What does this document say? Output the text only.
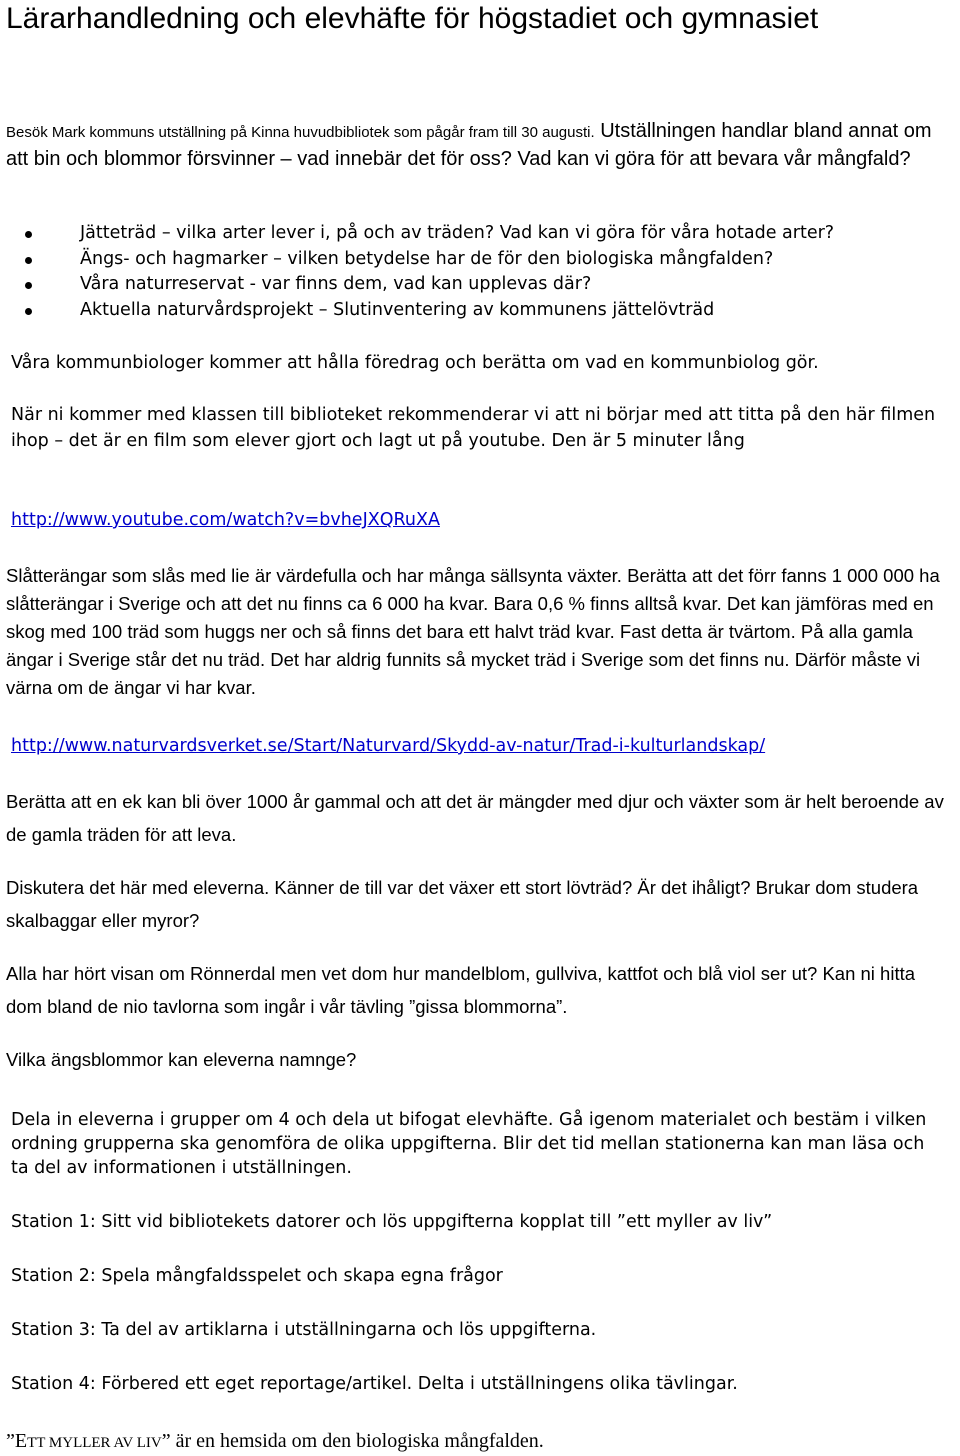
Lärarhandledning och elevhäfte för högstadiet och gymnasiet
Besök Mark kommuns utställning på Kinna huvudbibliotek som pågår fram till 30 augusti. Utställningen handlar bland annat om att bin och blommor försvinner – vad innebär det för oss? Vad kan vi göra för att bevara vår mångfald?
Jätteträd – vilka arter lever i, på och av träden? Vad kan vi göra för våra hotade arter?
Ängs- och hagmarker – vilken betydelse har de för den biologiska mångfalden?
Våra naturreservat - var finns dem, vad kan upplevas där?
Aktuella naturvårdsprojekt – Slutinventering av kommunens jättelövträd
Våra kommunbiologer kommer att hålla föredrag och berätta om vad en kommunbiolog gör.
När ni kommer med klassen till biblioteket rekommenderar vi att ni börjar med att titta på den här filmen ihop – det är en film som elever gjort och lagt ut på youtube. Den är 5 minuter lång
http://www.youtube.com/watch?v=bvheJXQRuXA
Slåtterängar som slås med lie är värdefulla och har många sällsynta växter. Berätta att det förr fanns 1 000 000 ha slåtterängar i Sverige och att det nu finns ca 6 000 ha kvar. Bara 0,6 % finns alltså kvar. Det kan jämföras med en skog med 100 träd som huggs ner och så finns det bara ett halvt träd kvar. Fast detta är tvärtom. På alla gamla ängar i Sverige står det nu träd. Det har aldrig funnits så mycket träd i Sverige som det finns nu. Därför måste vi värna om de ängar vi har kvar.
http://www.naturvardsverket.se/Start/Naturvard/Skydd-av-natur/Trad-i-kulturlandskap/
Berätta att en ek kan bli över 1000 år gammal och att det är mängder med djur och växter som är helt beroende av de gamla träden för att leva.
Diskutera det här med eleverna. Känner de till var det växer ett stort lövträd? Är det ihåligt? Brukar dom studera skalbaggar eller myror?
Alla har hört visan om Rönnerdal men vet dom hur mandelblom, gullviva, kattfot och blå viol ser ut? Kan ni hitta dom bland de nio tavlorna som ingår i vår tävling ”gissa blommorna”.
Vilka ängsblommor kan eleverna namnge?
Dela in eleverna i grupper om 4 och dela ut bifogat elevhäfte. Gå igenom materialet och bestäm i vilken ordning grupperna ska genomföra de olika uppgifterna. Blir det tid mellan stationerna kan man läsa och ta del av informationen i utställningen.
Station 1: Sitt vid bibliotekets datorer och lös uppgifterna kopplat till ”ett myller av liv”
Station 2: Spela mångfaldsspelet och skapa egna frågor
Station 3: Ta del av artiklarna i utställningarna och lös uppgifterna.
Station 4: Förbered ett eget reportage/artikel. Delta i utställningens olika tävlingar.
”ETT MYLLER AV LIV” är en hemsida om den biologiska mångfalden.
